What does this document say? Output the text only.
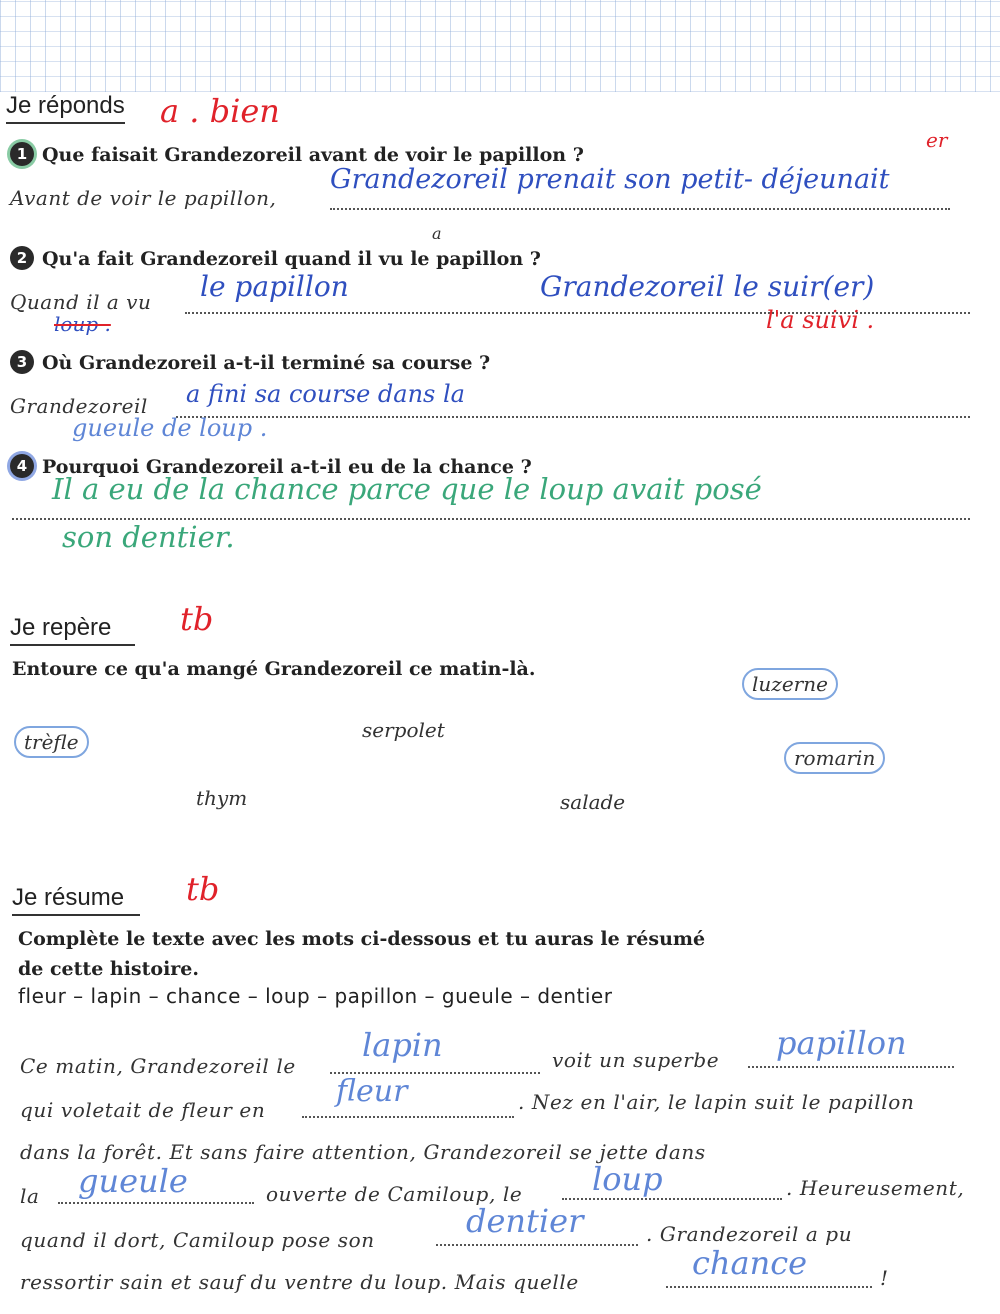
Je réponds a . bien
1 Que faisait Grandezoreil avant de voir le papillon ?
Avant de voir le papillon,
Grandezoreil prenait son petit- déjeunait
er
a
2 Qu'a fait Grandezoreil quand il vu le papillon ?
Quand il a vu le papillon	Grandezoreil le suir(er)
loup .	l'a suivi .
3 Où Grandezoreil a-t-il terminé sa course ?
Grandezoreil a fini sa course dans la
gueule de loup .
4 Pourquoi Grandezoreil a-t-il eu de la chance ?
Il a eu de la chance parce que le loup avait posé
son dentier.
Je repère	tb
Entoure ce qu'a mangé Grandezoreil ce matin-là.
luzerne
trèfle	serpolet
romarin
thym	salade
Je résume	tb
Complète le texte avec les mots ci-dessous et tu auras le résumé
de cette histoire.
fleur – lapin – chance – loup – papillon – gueule – dentier
Ce matin, Grandezoreil le
lapin	voit un superbe papillon
qui voletait de fleur en
fleur	. Nez en l'air, le lapin suit le papillon
dans la forêt. Et sans faire attention, Grandezoreil se jette dans
la gueule	ouverte de Camiloup, le loup	. Heureusement,
quand il dort, Camiloup pose son	dentier	. Grandezoreil a pu
ressortir sain et sauf du ventre du loup. Mais quelle	chance	!
